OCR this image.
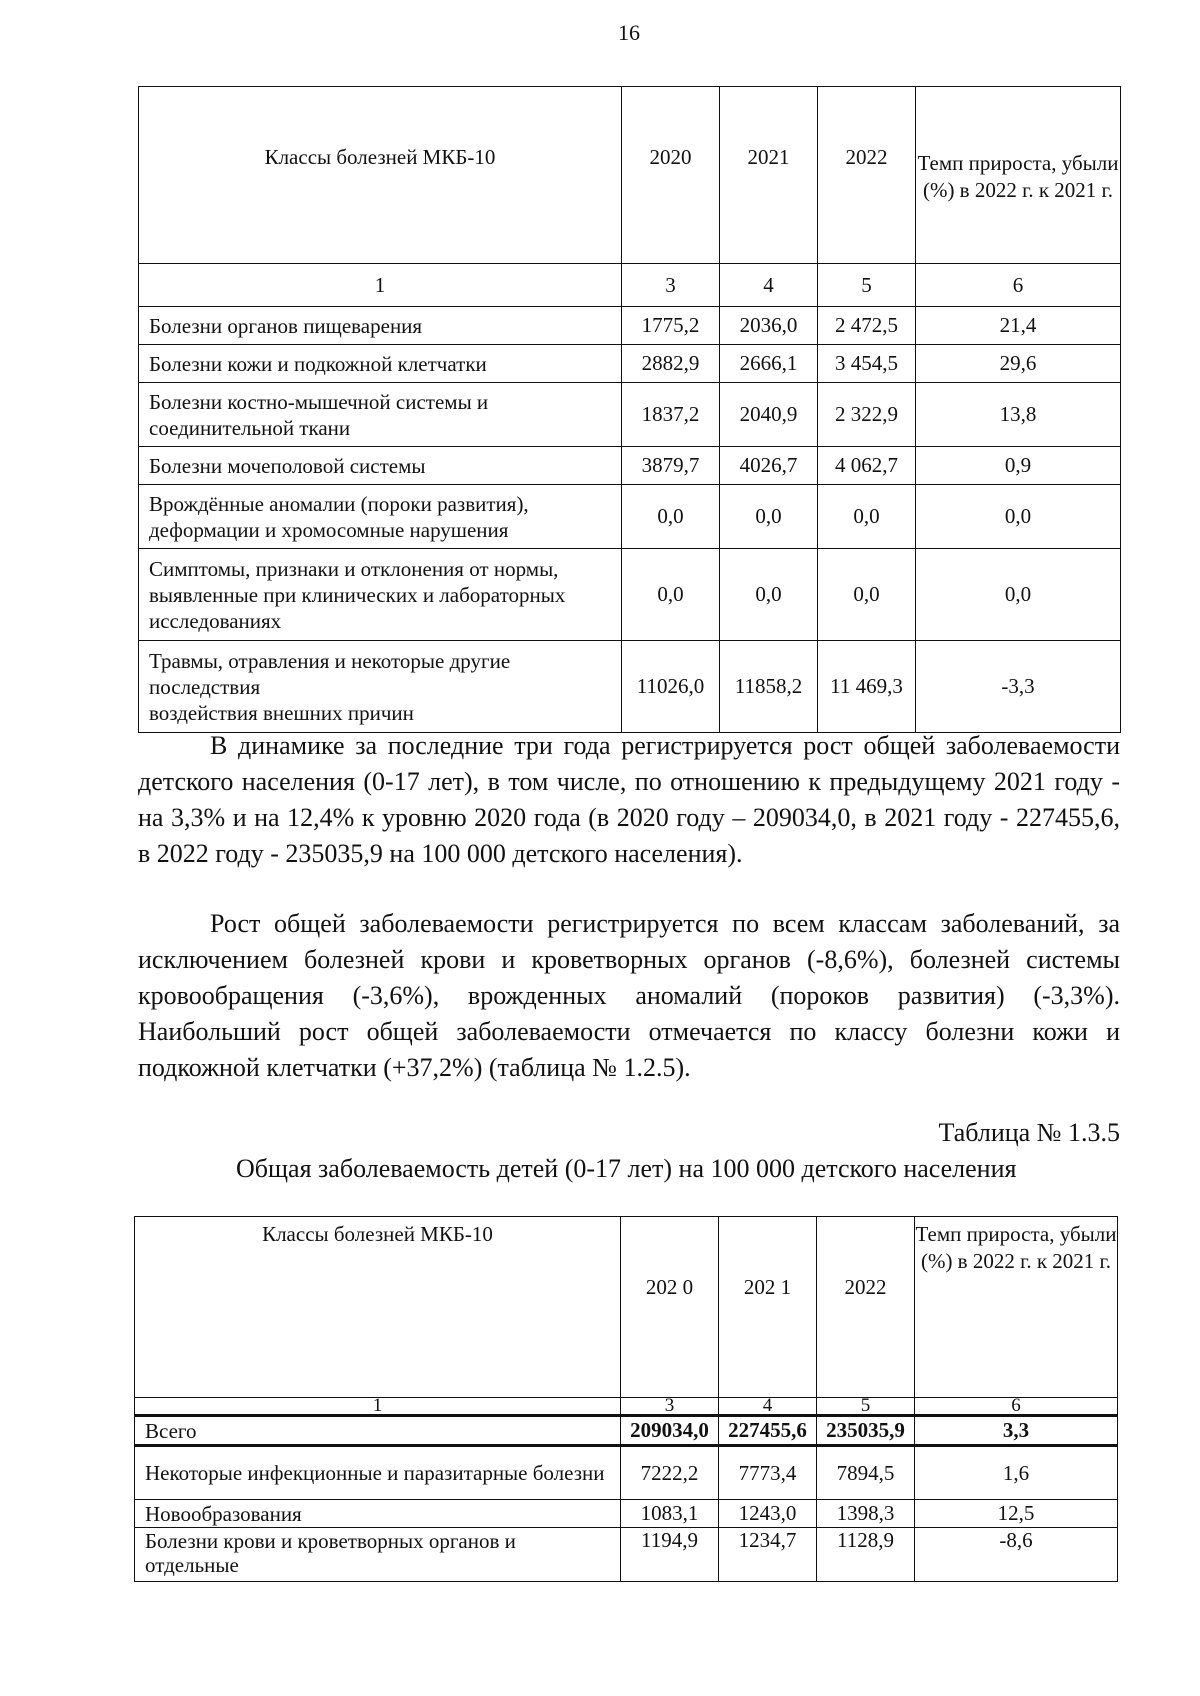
16
Классы болезней МКБ-10	2020	2021	2022	Темп прироста, убыли (%) в 2022 г. к 2021 г.
1	3	4	5	6
Болезни органов пищеварения	1775,2	2036,0	2 472,5	21,4
Болезни кожи и подкожной клетчатки	2882,9	2666,1	3 454,5	29,6
Болезни костно-мышечной системы и соединительной ткани	1837,2	2040,9	2 322,9	13,8
Болезни мочеполовой системы	3879,7	4026,7	4 062,7	0,9
Врождённые аномалии (пороки развития), деформации и хромосомные нарушения	0,0	0,0	0,0	0,0
Симптомы, признаки и отклонения от нормы, выявленные при клинических и лабораторных исследованиях	0,0	0,0	0,0	0,0
Травмы, отравления и некоторые другие последствия
воздействия внешних причин	11026,0	11858,2	11 469,3	-3,3
В динамике за последние три года регистрируется рост общей заболеваемости детского населения (0-17 лет), в том числе, по отношению к предыдущему 2021 году - на 3,3% и на 12,4% к уровню 2020 года (в 2020 году – 209034,0, в 2021 году - 227455,6, в 2022 году - 235035,9 на 100 000 детского населения).
Рост общей заболеваемости регистрируется по всем классам заболеваний, за исключением болезней крови и кроветворных органов (-8,6%), болезней системы кровообращения (-3,6%), врожденных аномалий (пороков развития) (-3,3%). Наибольший рост общей заболеваемости отмечается по классу болезни кожи и подкожной клетчатки (+37,2%) (таблица № 1.2.5).
Таблица № 1.3.5
Общая заболеваемость детей (0-17 лет) на 100 000 детского населения
Классы болезней МКБ-10	202 0	202 1	2022	Темп прироста, убыли (%) в 2022 г. к 2021 г.
1	3	4	5	6
Всего	209034,0	227455,6	235035,9	3,3
Некоторые инфекционные и паразитарные болезни	7222,2	7773,4	7894,5	1,6
Новообразования	1083,1	1243,0	1398,3	12,5
Болезни крови и кроветворных органов и отдельные	1194,9	1234,7	1128,9	-8,6
